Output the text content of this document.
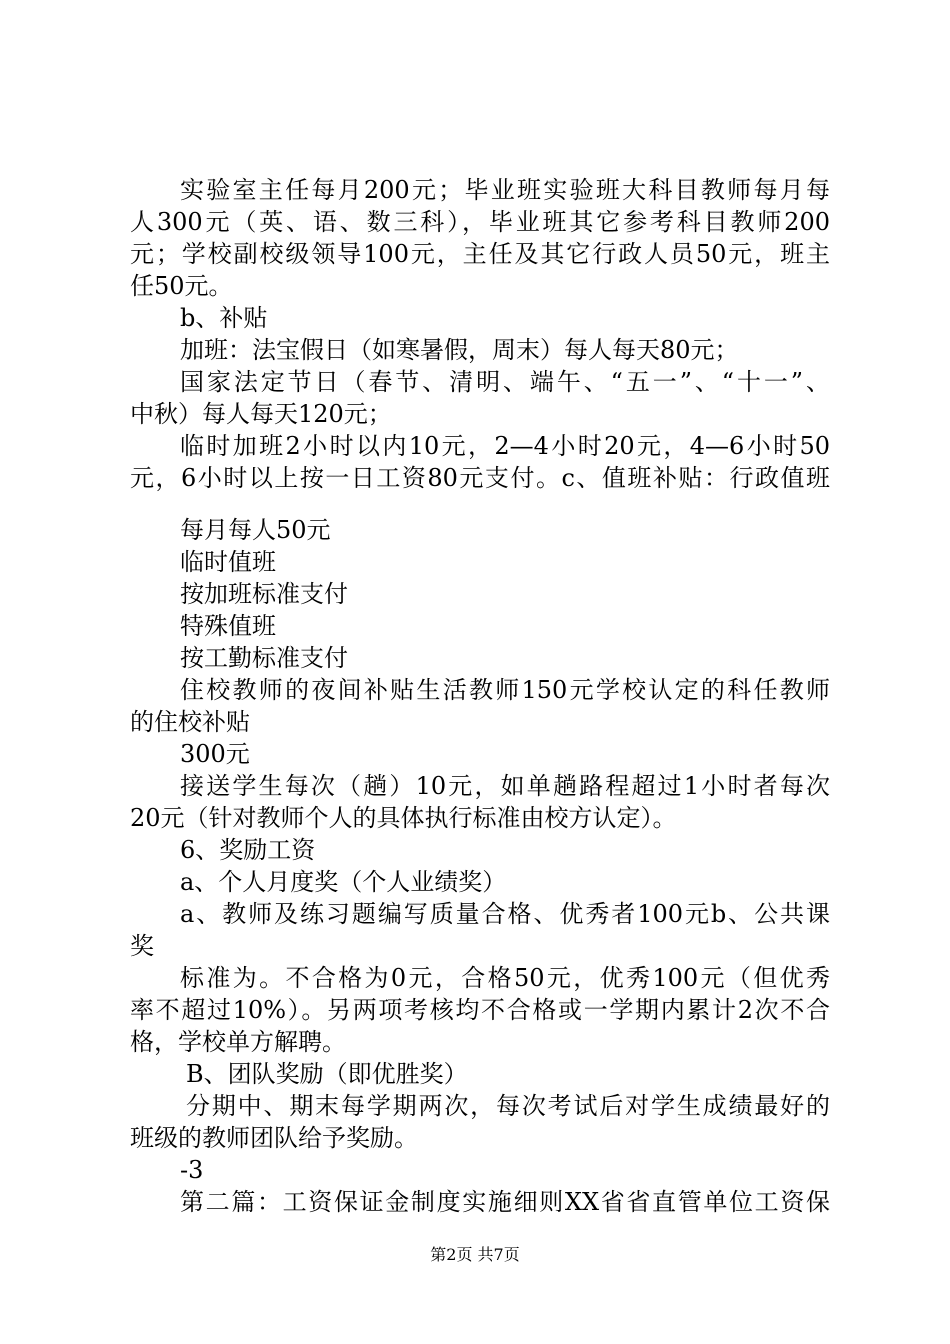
实验室主任每月200元；毕业班实验班大科目教师每月每
人300元（英、语、数三科），毕业班其它参考科目教师200
元；学校副校级领导100元，主任及其它行政人员50元，班主
任50元。
b、补贴
加班：法宝假日（如寒暑假，周末）每人每天80元；
国家法定节日（春节、清明、端午、“五一”、“十一”、
中秋）每人每天120元；
临时加班2小时以内10元，2—4小时20元，4—6小时50
元，6小时以上按一日工资80元支付。c、值班补贴：行政值班
每月每人50元
临时值班
按加班标准支付
特殊值班
按工勤标准支付
住校教师的夜间补贴生活教师150元学校认定的科任教师
的住校补贴
300元
接送学生每次（趟）10元，如单趟路程超过1小时者每次
20元（针对教师个人的具体执行标准由校方认定）。
6、奖励工资
a、个人月度奖（个人业绩奖）
a、教师及练习题编写质量合格、优秀者100元b、公共课
奖
标准为。不合格为0元，合格50元，优秀100元（但优秀
率不超过10%）。另两项考核均不合格或一学期内累计2次不合
格，学校单方解聘。
B、团队奖励（即优胜奖）
分期中、期末每学期两次，每次考试后对学生成绩最好的
班级的教师团队给予奖励。
-3
第二篇：工资保证金制度实施细则XX省省直管单位工资保
第2页 共7页
